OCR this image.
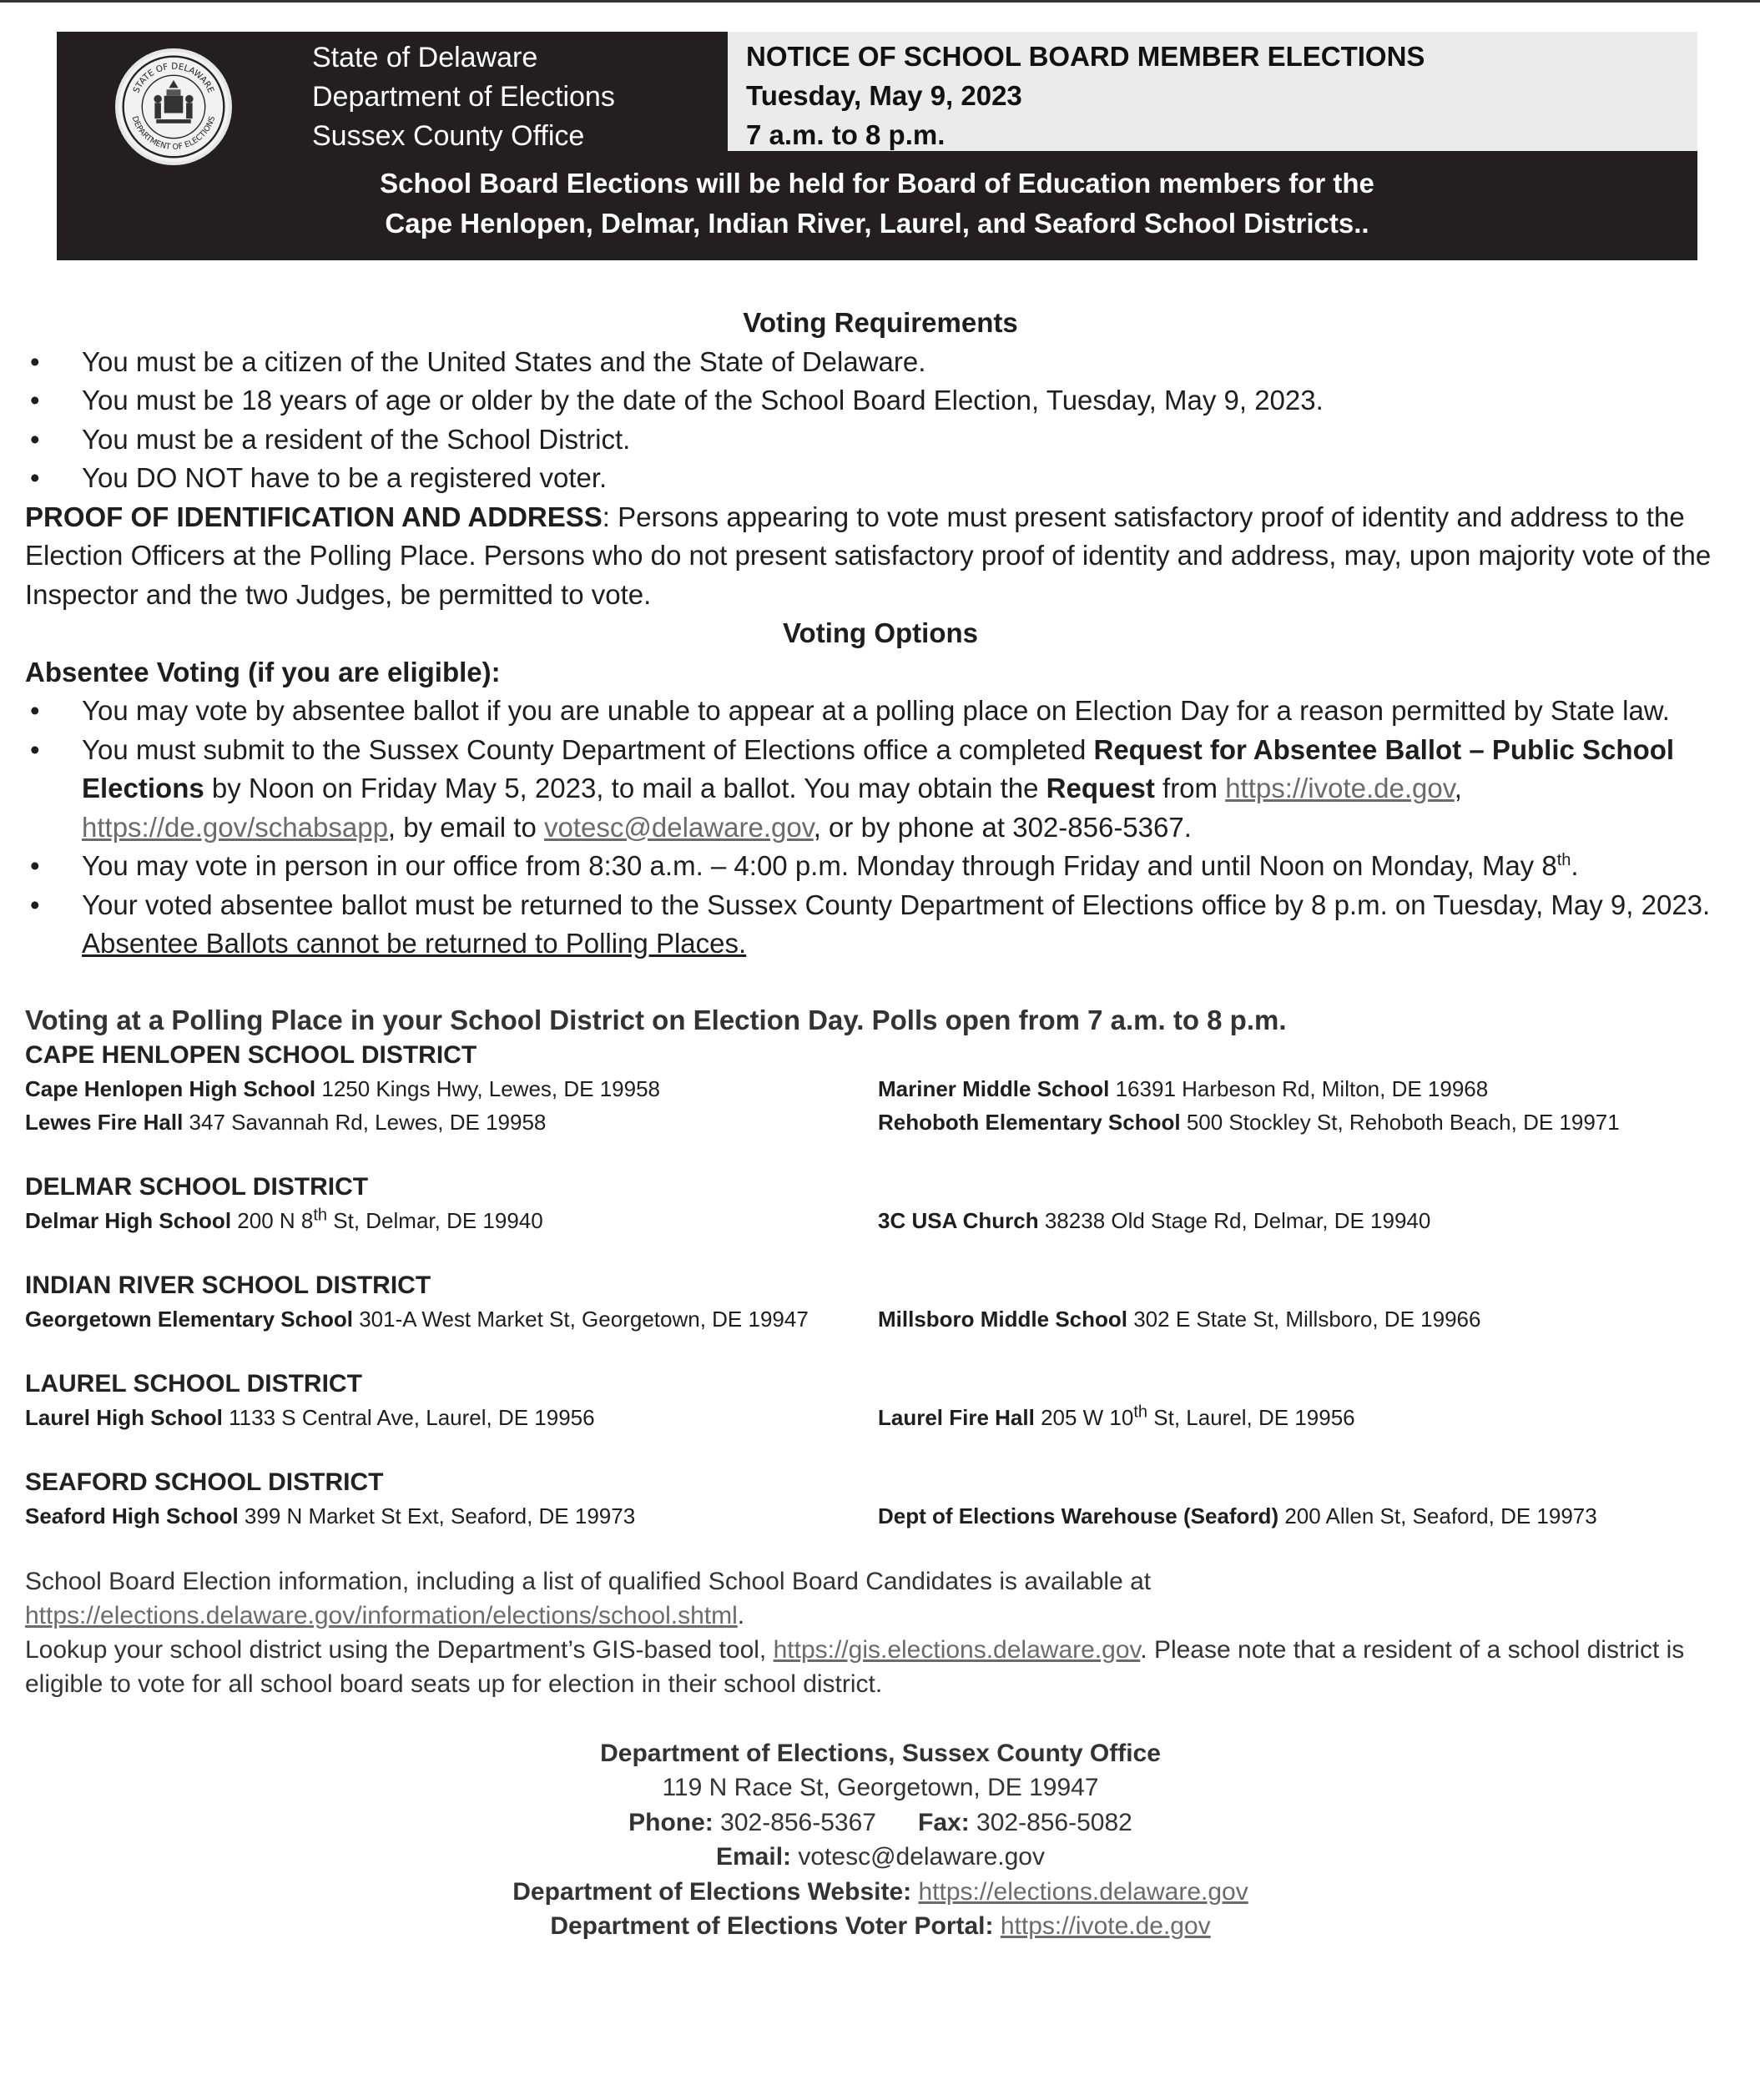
STATE OF DELAWARE
DEPARTMENT OF ELECTIONS
State of Delaware
Department of Elections
Sussex County Office
NOTICE OF SCHOOL BOARD MEMBER ELECTIONS
Tuesday, May 9, 2023
7 a.m. to 8 p.m.
School Board Elections will be held for Board of Education members for the
Cape Henlopen, Delmar, Indian River, Laurel, and Seaford School Districts..
Voting Requirements
• You must be a citizen of the United States and the State of Delaware.
• You must be 18 years of age or older by the date of the School Board Election, Tuesday, May 9, 2023.
• You must be a resident of the School District.
• You DO NOT have to be a registered voter.

PROOF OF IDENTIFICATION AND ADDRESS: Persons appearing to vote must present satisfactory proof of identity and address to the Election Officers at the Polling Place. Persons who do not present satisfactory proof of identity and address, may, upon majority vote of the Inspector and the two Judges, be permitted to vote.

Voting Options
Absentee Voting (if you are eligible):
• You may vote by absentee ballot if you are unable to appear at a polling place on Election Day for a reason permitted by State law.
• You must submit to the Sussex County Department of Elections office a completed Request for Absentee Ballot – Public School Elections by Noon on Friday May 5, 2023, to mail a ballot. You may obtain the Request from https://ivote.de.gov, https://de.gov/schabsapp, by email to votesc@delaware.gov, or by phone at 302-856-5367.
• You may vote in person in our office from 8:30 a.m. – 4:00 p.m. Monday through Friday and until Noon on Monday, May 8th.
• Your voted absentee ballot must be returned to the Sussex County Department of Elections office by 8 p.m. on Tuesday, May 9, 2023. Absentee Ballots cannot be returned to Polling Places.
Voting at a Polling Place in your School District on Election Day. Polls open from 7 a.m. to 8 p.m.
CAPE HENLOPEN SCHOOL DISTRICT
Cape Henlopen High School 1250 Kings Hwy, Lewes, DE 19958	Mariner Middle School 16391 Harbeson Rd, Milton, DE 19968
Lewes Fire Hall 347 Savannah Rd, Lewes, DE 19958	Rehoboth Elementary School 500 Stockley St, Rehoboth Beach, DE 19971
DELMAR SCHOOL DISTRICT
Delmar High School 200 N 8th St, Delmar, DE 19940	3C USA Church 38238 Old Stage Rd, Delmar, DE 19940
INDIAN RIVER SCHOOL DISTRICT
Georgetown Elementary School 301-A West Market St, Georgetown, DE 19947	Millsboro Middle School 302 E State St, Millsboro, DE 19966
LAUREL SCHOOL DISTRICT
Laurel High School 1133 S Central Ave, Laurel, DE 19956	Laurel Fire Hall 205 W 10th St, Laurel, DE 19956
SEAFORD SCHOOL DISTRICT
Seaford High School 399 N Market St Ext, Seaford, DE 19973	Dept of Elections Warehouse (Seaford) 200 Allen St, Seaford, DE 19973
School Board Election information, including a list of qualified School Board Candidates is available at
https://elections.delaware.gov/information/elections/school.shtml.
Lookup your school district using the Department’s GIS-based tool, https://gis.elections.delaware.gov. Please note that a resident of a school district is eligible to vote for all school board seats up for election in their school district.
Department of Elections, Sussex County Office
119 N Race St, Georgetown, DE 19947
Phone: 302-856-5367 Fax: 302-856-5082
Email: votesc@delaware.gov
Department of Elections Website: https://elections.delaware.gov
Department of Elections Voter Portal: https://ivote.de.gov
